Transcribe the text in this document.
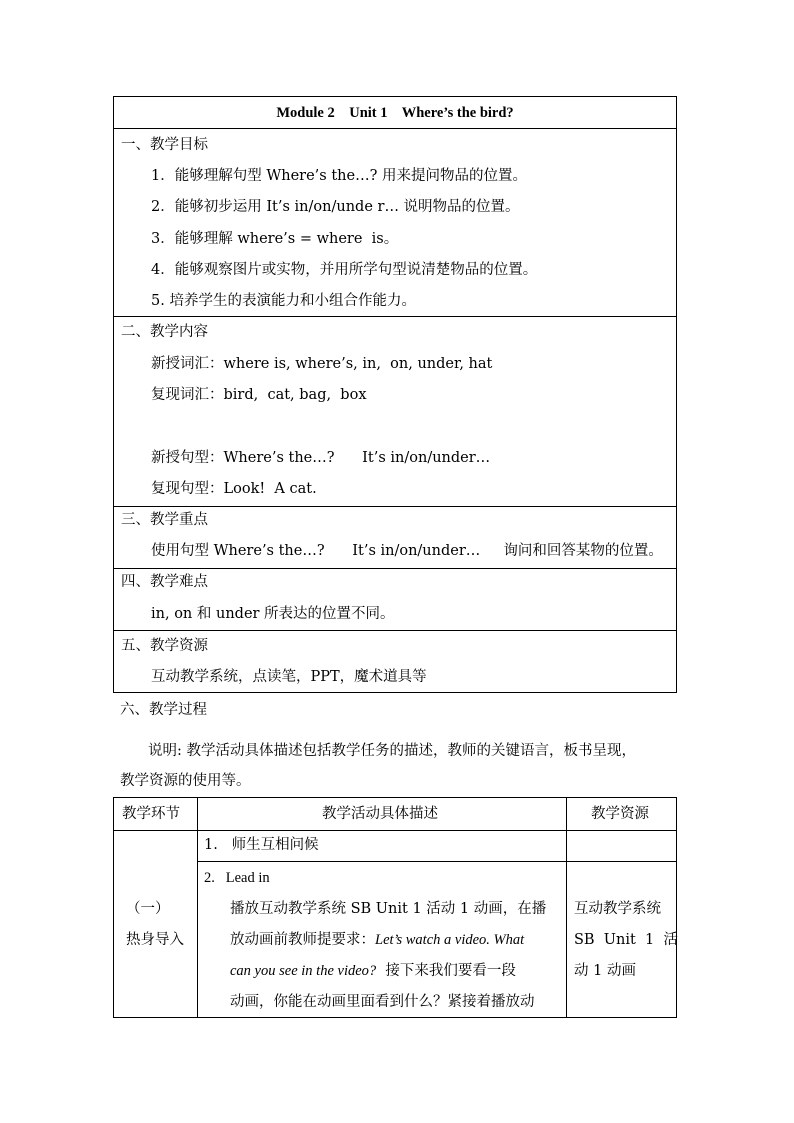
Module 2    Unit 1    Where’s the bird?
一、教学目标
1．能够理解句型 Where’s the…? 用来提问物品的位置。
2．能够初步运用 It’s in/on/unde r… 说明物品的位置。
3．能够理解 where’s = where  is。
4．能够观察图片或实物，并用所学句型说清楚物品的位置。
5. 培养学生的表演能力和小组合作能力。
二、教学内容
新授词汇：where is, where’s, in,  on, under, hat
复现词汇：bird,  cat, bag,  box
新授句型：Where’s the…?      It’s in/on/under…
复现句型：Look!  A cat.
三、教学重点
使用句型 Where’s the…?      It’s in/on/under…     询问和回答某物的位置。
四、教学难点
in, on 和 under 所表达的位置不同。
五、教学资源
互动教学系统，点读笔，PPT，魔术道具等
六、教学过程
说明: 教学活动具体描述包括教学任务的描述，教师的关键语言，板书呈现，
教学资源的使用等。
教学环节	教学活动具体描述	教学资源
（一）
热身导入
1.   师生互相问候
2.   Lead in
播放互动教学系统 SB Unit 1 活动 1 动画，在播
放动画前教师提要求：Let’s watch a video. What
can you see in the video?  接下来我们要看一段
动画，你能在动画里面看到什么？紧接着播放动
互动教学系统
SB  Unit  1  活
动 1 动画
